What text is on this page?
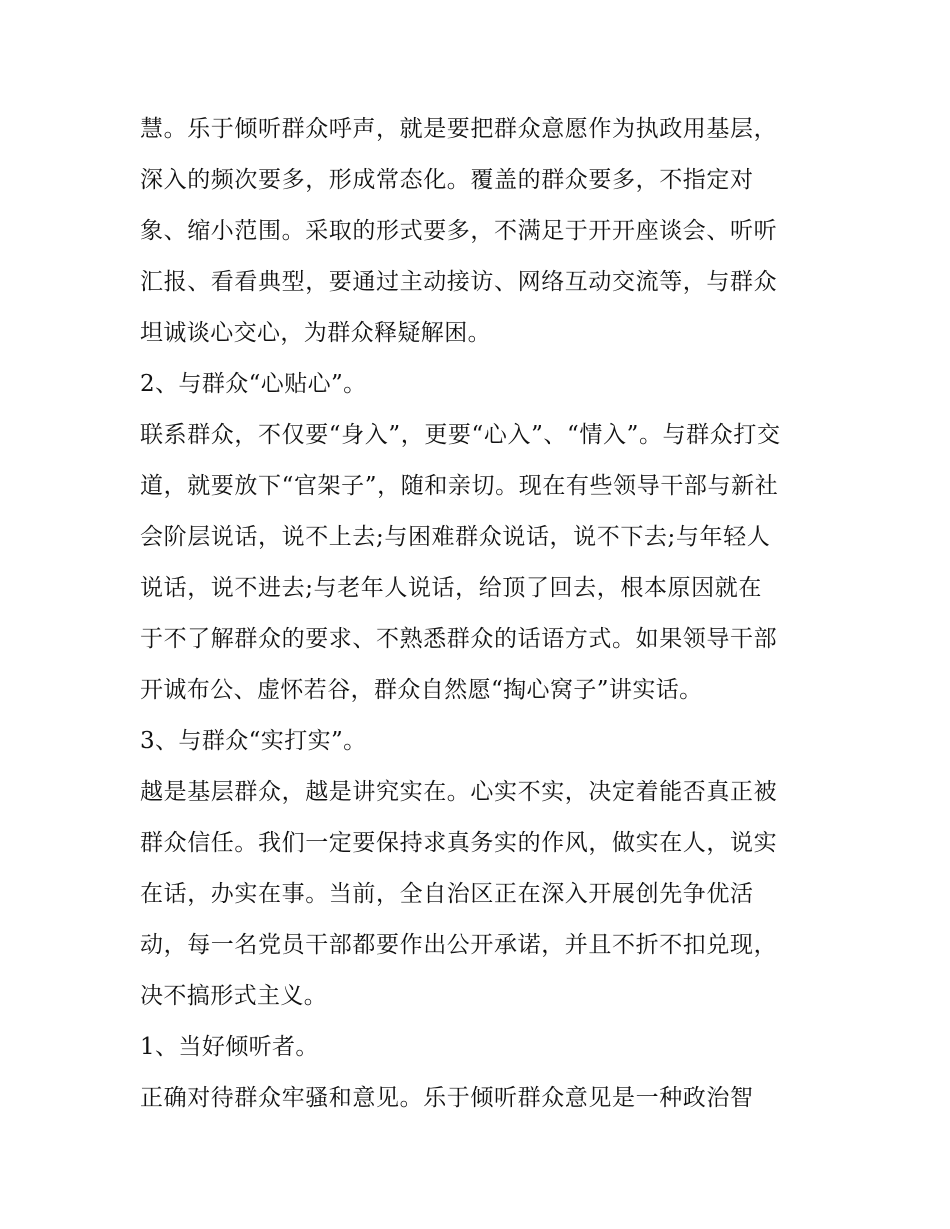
慧。乐于倾听群众呼声，就是要把群众意愿作为执政用基层，
深入的频次要多，形成常态化。覆盖的群众要多，不指定对
象、缩小范围。采取的形式要多，不满足于开开座谈会、听听
汇报、看看典型，要通过主动接访、网络互动交流等，与群众
坦诚谈心交心，为群众释疑解困。
2、与群众“心贴心”。
联系群众，不仅要“身入”，更要“心入”、“情入”。与群众打交
道，就要放下“官架子”，随和亲切。现在有些领导干部与新社
会阶层说话，说不上去;与困难群众说话，说不下去;与年轻人
说话，说不进去;与老年人说话，给顶了回去，根本原因就在
于不了解群众的要求、不熟悉群众的话语方式。如果领导干部
开诚布公、虚怀若谷，群众自然愿“掏心窝子”讲实话。
3、与群众“实打实”。
越是基层群众，越是讲究实在。心实不实，决定着能否真正被
群众信任。我们一定要保持求真务实的作风，做实在人，说实
在话，办实在事。当前，全自治区正在深入开展创先争优活
动，每一名党员干部都要作出公开承诺，并且不折不扣兑现，
决不搞形式主义。
1、当好倾听者。
正确对待群众牢骚和意见。乐于倾听群众意见是一种政治智
